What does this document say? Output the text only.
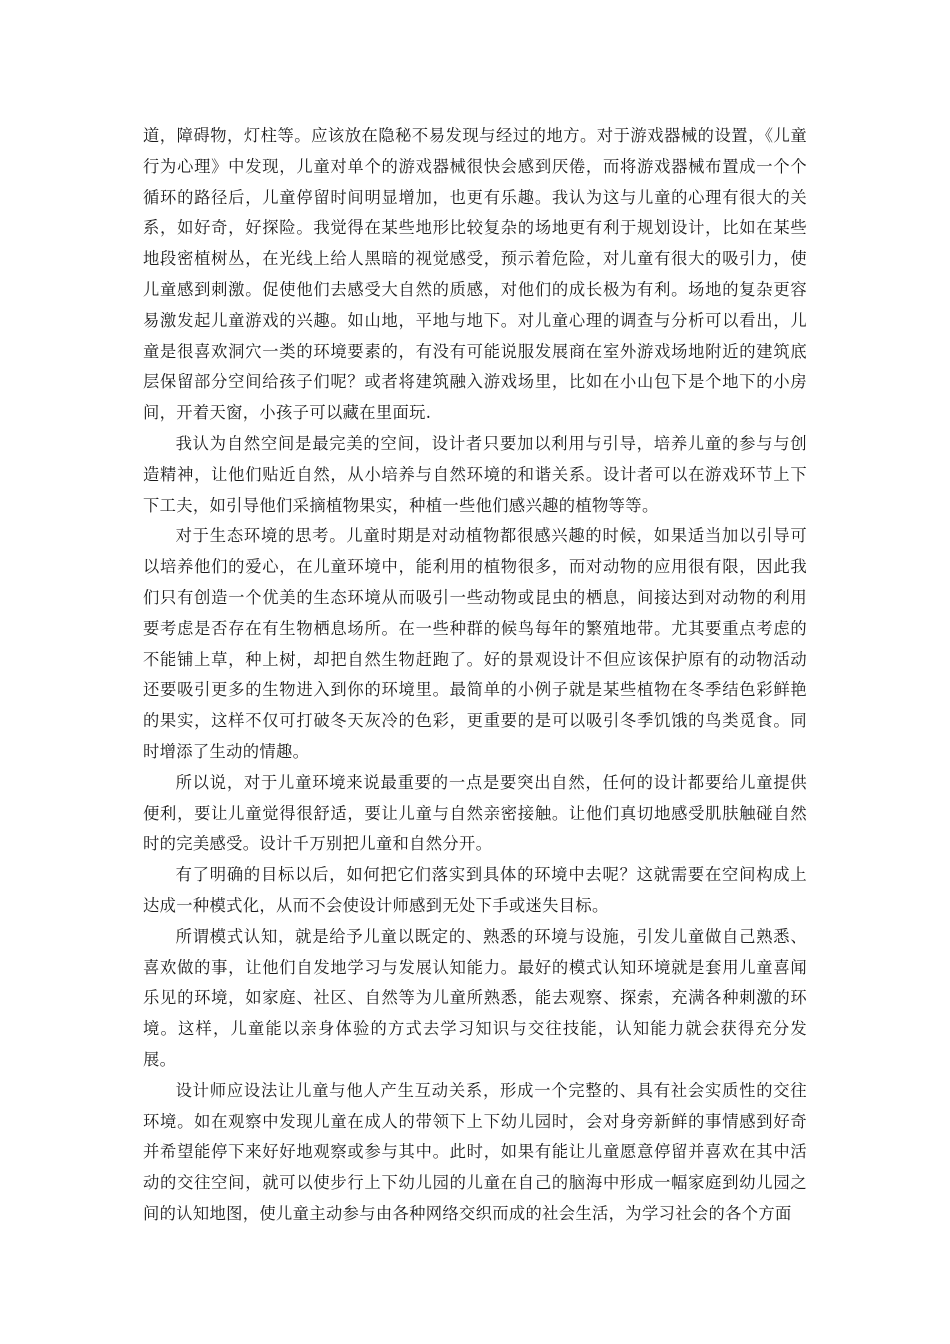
道，障碍物，灯柱等。应该放在隐秘不易发现与经过的地方。对于游戏器械的设置，《儿童行为心理》中发现，儿童对单个的游戏器械很快会感到厌倦，而将游戏器械布置成一个个循环的路径后，儿童停留时间明显增加，也更有乐趣。我认为这与儿童的心理有很大的关系，如好奇，好探险。我觉得在某些地形比较复杂的场地更有利于规划设计，比如在某些地段密植树丛，在光线上给人黑暗的视觉感受，预示着危险，对儿童有很大的吸引力，使儿童感到刺激。促使他们去感受大自然的质感，对他们的成长极为有利。场地的复杂更容易激发起儿童游戏的兴趣。如山地，平地与地下。对儿童心理的调查与分析可以看出，儿童是很喜欢洞穴一类的环境要素的，有没有可能说服发展商在室外游戏场地附近的建筑底层保留部分空间给孩子们呢？或者将建筑融入游戏场里，比如在小山包下是个地下的小房间，开着天窗，小孩子可以藏在里面玩.

我认为自然空间是最完美的空间，设计者只要加以利用与引导，培养儿童的参与与创造精神，让他们贴近自然，从小培养与自然环境的和谐关系。设计者可以在游戏环节上下下工夫，如引导他们采摘植物果实，种植一些他们感兴趣的植物等等。

对于生态环境的思考。儿童时期是对动植物都很感兴趣的时候，如果适当加以引导可以培养他们的爱心，在儿童环境中，能利用的植物很多，而对动物的应用很有限，因此我们只有创造一个优美的生态环境从而吸引一些动物或昆虫的栖息，间接达到对动物的利用要考虑是否存在有生物栖息场所。在一些种群的候鸟每年的繁殖地带。尤其要重点考虑的不能铺上草，种上树，却把自然生物赶跑了。好的景观设计不但应该保护原有的动物活动还要吸引更多的生物进入到你的环境里。最简单的小例子就是某些植物在冬季结色彩鲜艳的果实，这样不仅可打破冬天灰冷的色彩，更重要的是可以吸引冬季饥饿的鸟类觅食。同时增添了生动的情趣。

所以说，对于儿童环境来说最重要的一点是要突出自然，任何的设计都要给儿童提供便利，要让儿童觉得很舒适，要让儿童与自然亲密接触。让他们真切地感受肌肤触碰自然时的完美感受。设计千万别把儿童和自然分开。

有了明确的目标以后，如何把它们落实到具体的环境中去呢？这就需要在空间构成上达成一种模式化，从而不会使设计师感到无处下手或迷失目标。

所谓模式认知，就是给予儿童以既定的、熟悉的环境与设施，引发儿童做自己熟悉、喜欢做的事，让他们自发地学习与发展认知能力。最好的模式认知环境就是套用儿童喜闻乐见的环境，如家庭、社区、自然等为儿童所熟悉，能去观察、探索，充满各种刺激的环境。这样，儿童能以亲身体验的方式去学习知识与交往技能，认知能力就会获得充分发展。

设计师应设法让儿童与他人产生互动关系，形成一个完整的、具有社会实质性的交往环境。如在观察中发现儿童在成人的带领下上下幼儿园时，会对身旁新鲜的事情感到好奇并希望能停下来好好地观察或参与其中。此时，如果有能让儿童愿意停留并喜欢在其中活动的交往空间，就可以使步行上下幼儿园的儿童在自己的脑海中形成一幅家庭到幼儿园之间的认知地图，使儿童主动参与由各种网络交织而成的社会生活，为学习社会的各个方面
